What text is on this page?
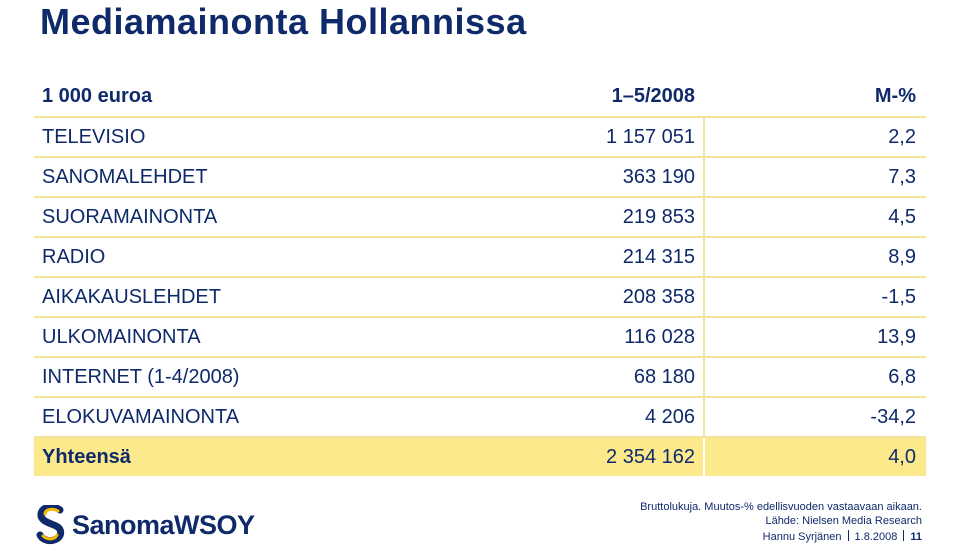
Mediamainonta Hollannissa
1 000 euroa	1–5/2008	M-%
TELEVISIO	1 157 051	2,2
SANOMALEHDET	363 190	7,3
SUORAMAINONTA	219 853	4,5
RADIO	214 315	8,9
AIKAKAUSLEHDET	208 358	-1,5
ULKOMAINONTA	116 028	13,9
INTERNET (1-4/2008)	68 180	6,8
ELOKUVAMAINONTA	4 206	-34,2
Yhteensä	2 354 162	4,0
SanomaWSOY
Bruttolukuja. Muutos-% edellisvuoden vastaavaan aikaan.
Lähde: Nielsen Media Research
Hannu Syrjänen 1.8.2008 11
